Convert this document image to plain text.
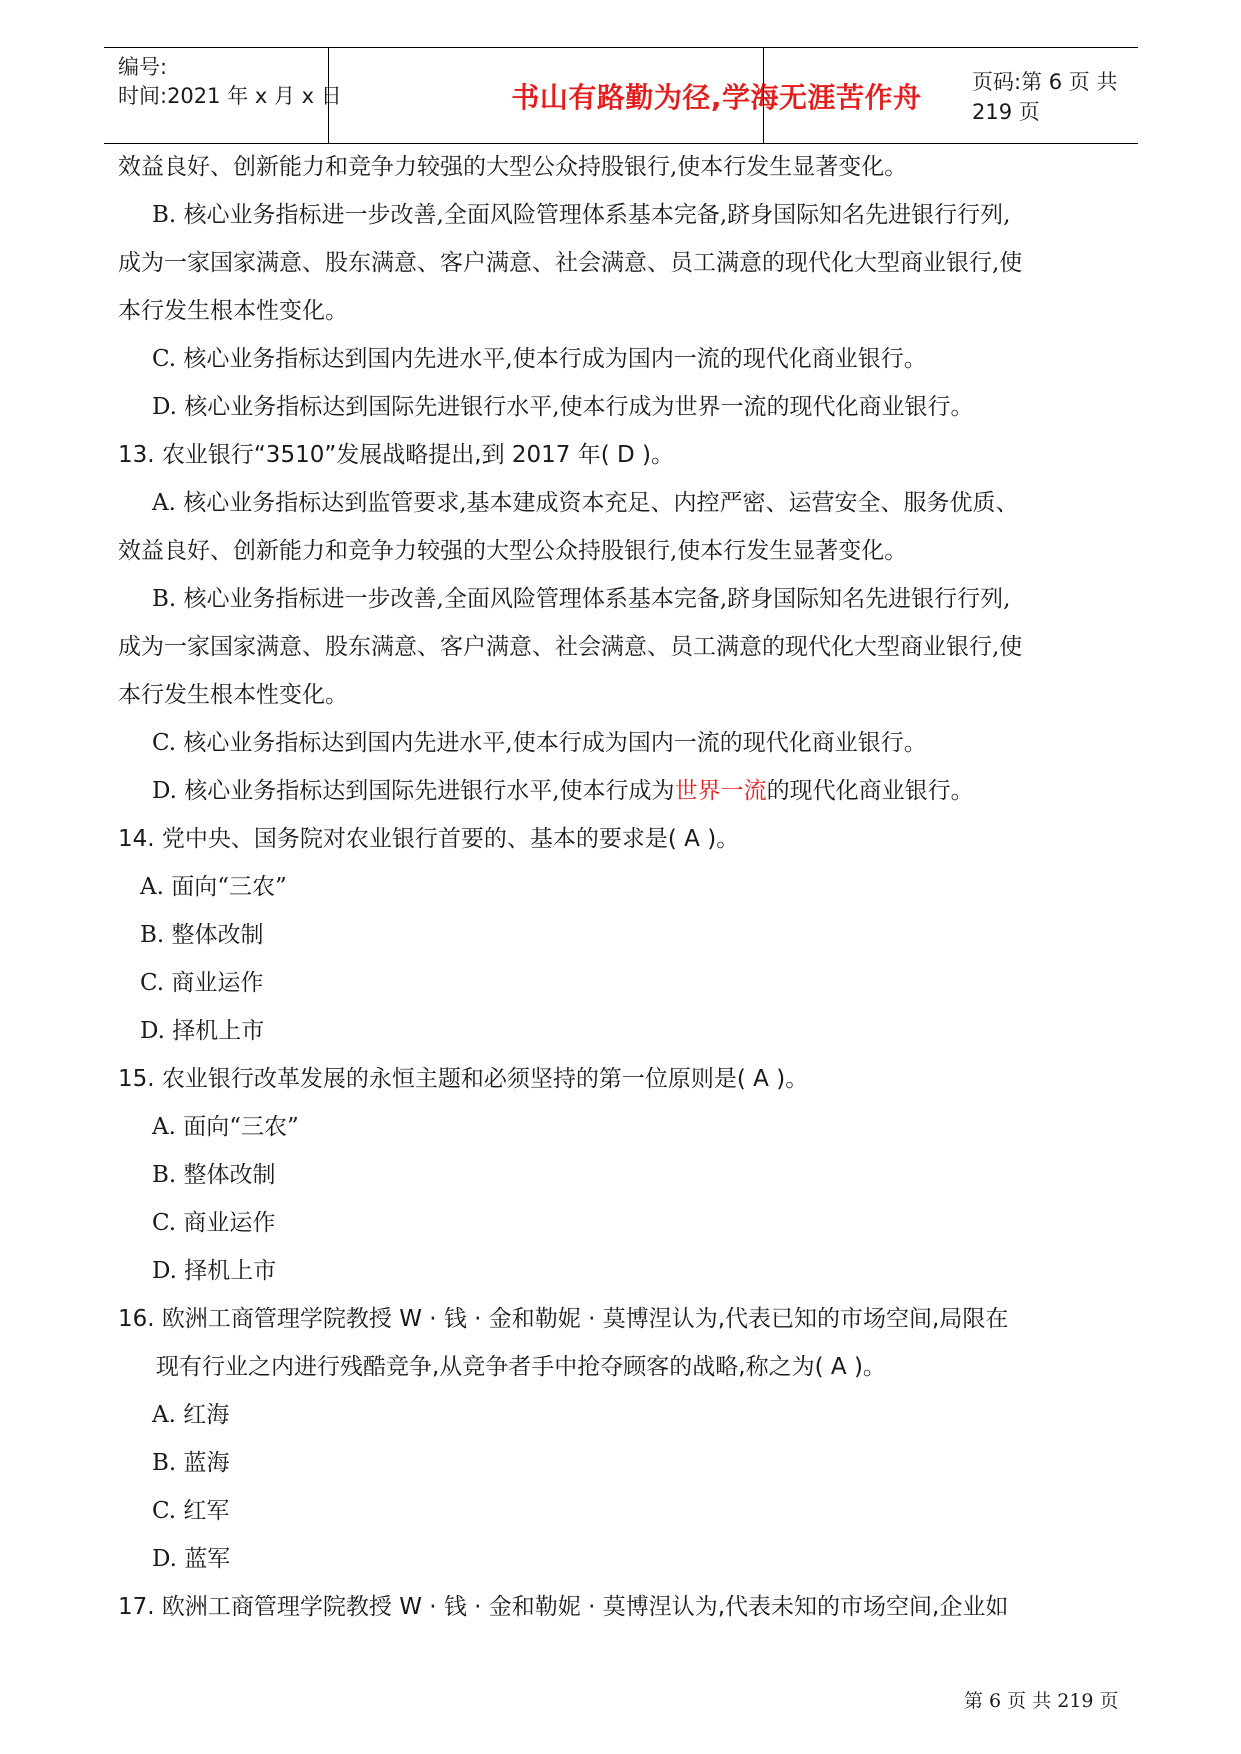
编号:
时间:2021 年 x 月 x 日	书山有路勤为径,学海无涯苦作舟	页码:第 6 页 共 219 页
效益良好、创新能力和竞争力较强的大型公众持股银行,使本行发生显著变化。
B. 核心业务指标进一步改善,全面风险管理体系基本完备,跻身国际知名先进银行行列,
成为一家国家满意、股东满意、客户满意、社会满意、员工满意的现代化大型商业银行,使
本行发生根本性变化。
C. 核心业务指标达到国内先进水平,使本行成为国内一流的现代化商业银行。
D. 核心业务指标达到国际先进银行水平,使本行成为世界一流的现代化商业银行。
13. 农业银行“3510”发展战略提出,到 2017 年( D )。
A. 核心业务指标达到监管要求,基本建成资本充足、内控严密、运营安全、服务优质、
效益良好、创新能力和竞争力较强的大型公众持股银行,使本行发生显著变化。
B. 核心业务指标进一步改善,全面风险管理体系基本完备,跻身国际知名先进银行行列,
成为一家国家满意、股东满意、客户满意、社会满意、员工满意的现代化大型商业银行,使
本行发生根本性变化。
C. 核心业务指标达到国内先进水平,使本行成为国内一流的现代化商业银行。
D. 核心业务指标达到国际先进银行水平,使本行成为世界一流的现代化商业银行。
14. 党中央、国务院对农业银行首要的、基本的要求是( A )。
A. 面向“三农”
B. 整体改制
C. 商业运作
D. 择机上市
15. 农业银行改革发展的永恒主题和必须坚持的第一位原则是( A )。
A. 面向“三农”
B. 整体改制
C. 商业运作
D. 择机上市
16. 欧洲工商管理学院教授 W · 钱 · 金和勒妮 · 莫博涅认为,代表已知的市场空间,局限在
现有行业之内进行残酷竞争,从竞争者手中抢夺顾客的战略,称之为( A )。
A. 红海
B. 蓝海
C. 红军
D. 蓝军
17. 欧洲工商管理学院教授 W · 钱 · 金和勒妮 · 莫博涅认为,代表未知的市场空间,企业如
第 6 页 共 219 页
